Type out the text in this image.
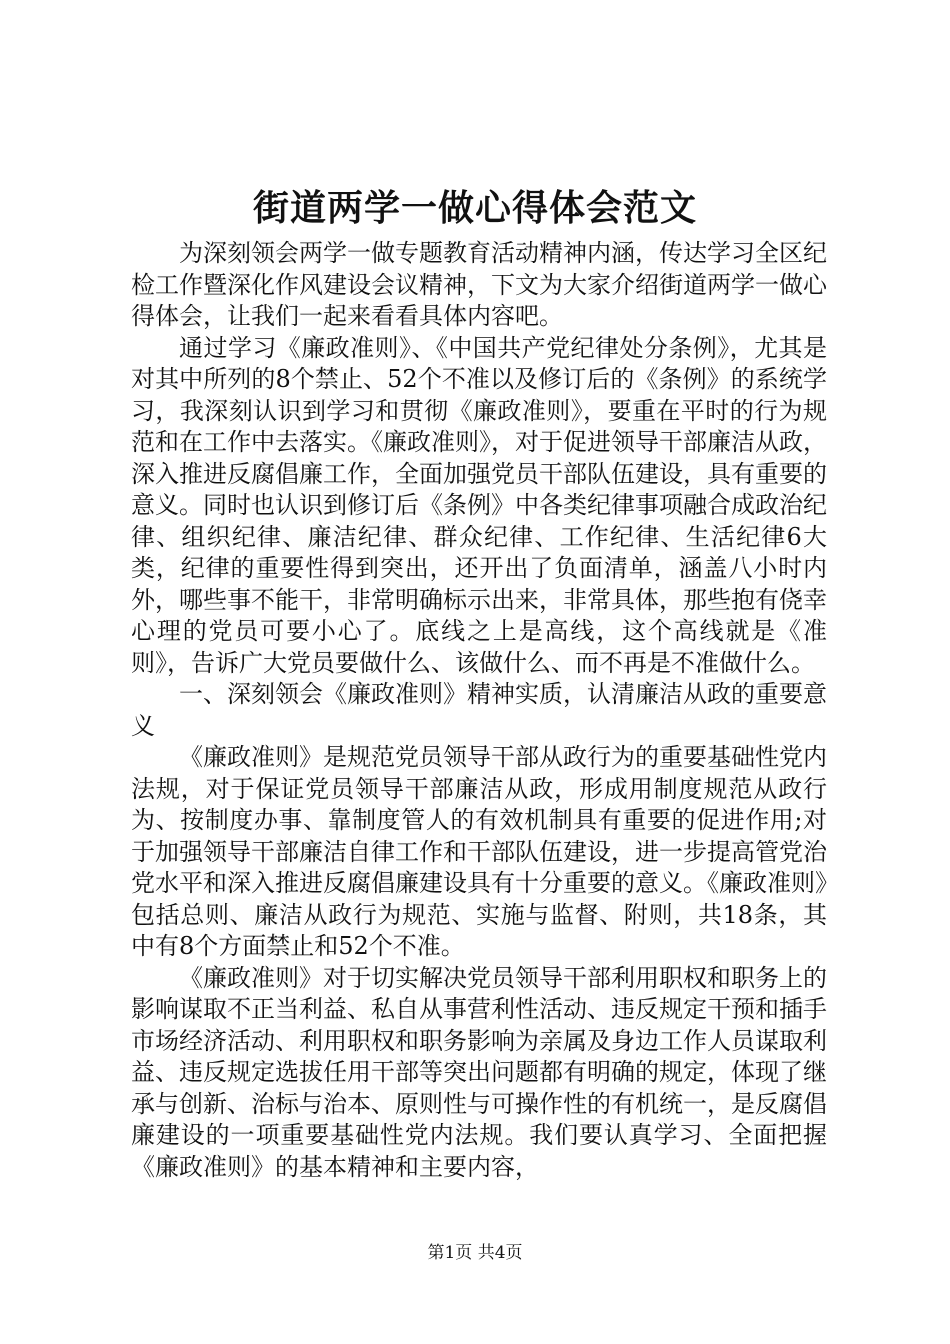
街道两学一做心得体会范文

为深刻领会两学一做专题教育活动精神内涵，传达学习全区纪检工作暨深化作风建设会议精神，下文为大家介绍街道两学一做心得体会，让我们一起来看看具体内容吧。

通过学习《廉政准则》、《中国共产党纪律处分条例》，尤其是对其中所列的8个禁止、52个不准以及修订后的《条例》的系统学习，我深刻认识到学习和贯彻《廉政准则》，要重在平时的行为规范和在工作中去落实。《廉政准则》，对于促进领导干部廉洁从政，深入推进反腐倡廉工作，全面加强党员干部队伍建设，具有重要的意义。同时也认识到修订后《条例》中各类纪律事项融合成政治纪律、组织纪律、廉洁纪律、群众纪律、工作纪律、生活纪律6大类，纪律的重要性得到突出，还开出了负面清单，涵盖八小时内外，哪些事不能干，非常明确标示出来，非常具体，那些抱有侥幸心理的党员可要小心了。底线之上是高线，这个高线就是《准则》，告诉广大党员要做什么、该做什么、而不再是不准做什么。

一、深刻领会《廉政准则》精神实质，认清廉洁从政的重要意义

《廉政准则》是规范党员领导干部从政行为的重要基础性党内法规，对于保证党员领导干部廉洁从政，形成用制度规范从政行为、按制度办事、靠制度管人的有效机制具有重要的促进作用;对于加强领导干部廉洁自律工作和干部队伍建设，进一步提高管党治党水平和深入推进反腐倡廉建设具有十分重要的意义。《廉政准则》包括总则、廉洁从政行为规范、实施与监督、附则，共18条，其中有8个方面禁止和52个不准。

《廉政准则》对于切实解决党员领导干部利用职权和职务上的影响谋取不正当利益、私自从事营利性活动、违反规定干预和插手市场经济活动、利用职权和职务影响为亲属及身边工作人员谋取利益、违反规定选拔任用干部等突出问题都有明确的规定，体现了继承与创新、治标与治本、原则性与可操作性的有机统一，是反腐倡廉建设的一项重要基础性党内法规。我们要认真学习、全面把握《廉政准则》的基本精神和主要内容，

第1页 共4页
